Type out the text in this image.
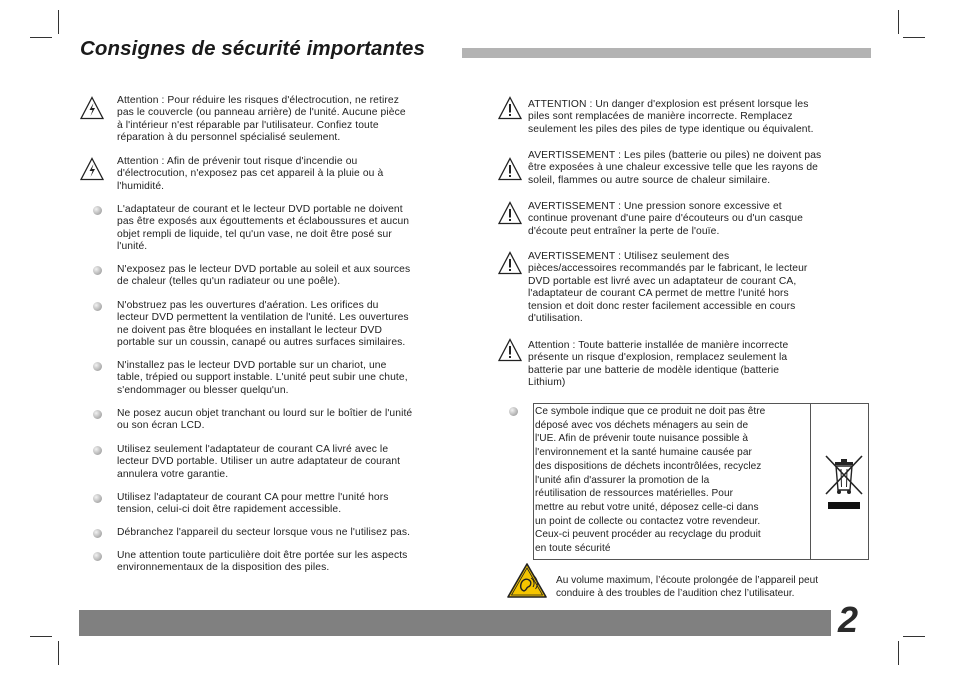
Consignes de sécurité importantes
Attention : Pour réduire les risques d'électrocution, ne retirez
pas le couvercle (ou panneau arrière) de l'unité. Aucune pièce
à l'intérieur n'est réparable par l'utilisateur. Confiez toute
réparation à du personnel spécialisé seulement.
Attention : Afin de prévenir tout risque d'incendie ou
d'électrocution, n'exposez pas cet appareil à la pluie ou à
l'humidité.
L'adaptateur de courant et le lecteur DVD portable ne doivent
pas être exposés aux égouttements et éclaboussures et aucun
objet rempli de liquide, tel qu'un vase, ne doit être posé sur
l'unité.
N'exposez pas le lecteur DVD portable au soleil et aux sources
de chaleur (telles qu'un radiateur ou une poêle).
N'obstruez pas les ouvertures d'aération. Les orifices du
lecteur DVD permettent la ventilation de l'unité. Les ouvertures
ne doivent pas être bloquées en installant le lecteur DVD
portable sur un coussin, canapé ou autres surfaces similaires.
N'installez pas le lecteur DVD portable sur un chariot, une
table, trépied ou support instable. L'unité peut subir une chute,
s'endommager ou blesser quelqu'un.
Ne posez aucun objet tranchant ou lourd sur le boîtier de l'unité
ou son écran LCD.
Utilisez seulement l'adaptateur de courant CA livré avec le
lecteur DVD portable. Utiliser un autre adaptateur de courant
annulera votre garantie.
Utilisez l'adaptateur de courant CA pour mettre l'unité hors
tension, celui-ci doit être rapidement accessible.
Débranchez l'appareil du secteur lorsque vous ne l'utilisez pas.
Une attention toute particulière doit être portée sur les aspects
environnementaux de la disposition des piles.
ATTENTION : Un danger d'explosion est présent lorsque les
piles sont remplacées de manière incorrecte. Remplacez
seulement les piles des piles de type identique ou équivalent.
AVERTISSEMENT : Les piles (batterie ou piles) ne doivent pas
être exposées à une chaleur excessive telle que les rayons de
soleil, flammes ou autre source de chaleur similaire.
AVERTISSEMENT : Une pression sonore excessive et
continue provenant d'une paire d'écouteurs ou d'un casque
d'écoute peut entraîner la perte de l'ouïe.
AVERTISSEMENT : Utilisez seulement des
pièces/accessoires recommandés par le fabricant, le lecteur
DVD portable est livré avec un adaptateur de courant CA,
l'adaptateur de courant CA permet de mettre l'unité hors
tension et doit donc rester facilement accessible en cours
d'utilisation.
Attention : Toute batterie installée de manière incorrecte
présente un risque d'explosion, remplacez seulement la
batterie par une batterie de modèle identique (batterie
Lithium)
Ce symbole indique que ce produit ne doit pas être
déposé avec vos déchets ménagers au sein de
l'UE. Afin de prévenir toute nuisance possible à
l'environnement et la santé humaine causée par
des dispositions de déchets incontrôlées, recyclez
l'unité afin d'assurer la promotion de la
réutilisation de ressources matérielles. Pour
mettre au rebut votre unité, déposez celle-ci dans
un point de collecte ou contactez votre revendeur.
Ceux-ci peuvent procéder au recyclage du produit
en toute sécurité
Au volume maximum, l’écoute prolongée de l’appareil peut
conduire à des troubles de l’audition chez l’utilisateur.
2
